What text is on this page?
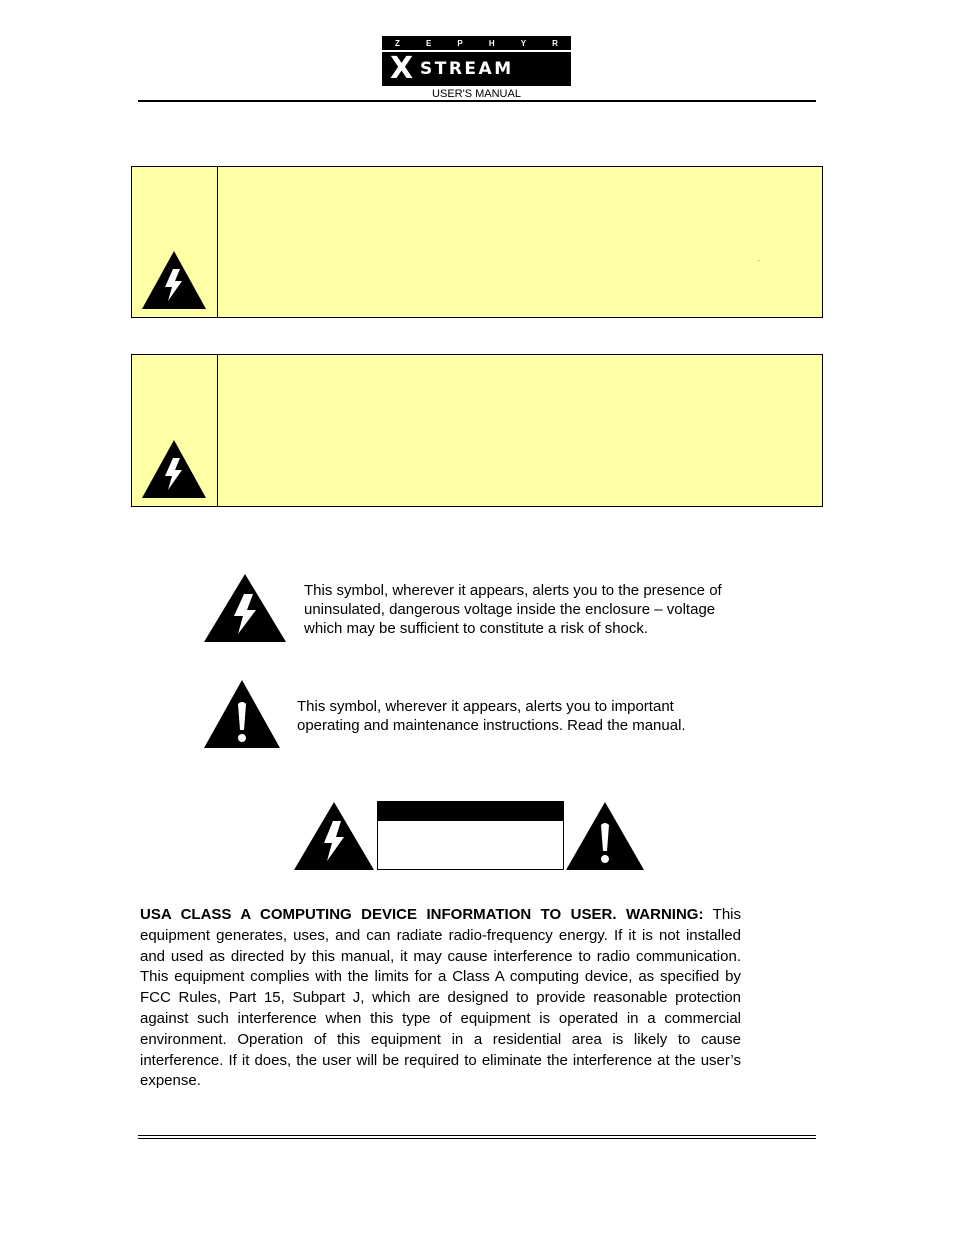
Z	E	P	H	Y	R
X STREAM
USER'S MANUAL
.
This symbol, wherever it appears, alerts you to the presence of uninsulated, dangerous voltage inside the enclosure – voltage which may be sufficient to constitute a risk of shock.
This symbol, wherever it appears, alerts you to important operating and maintenance instructions. Read the manual.
USA CLASS A COMPUTING DEVICE INFORMATION TO USER. WARNING: This equipment generates, uses, and can radiate radio-frequency energy. If it is not installed and used as directed by this manual, it may cause interference to radio communication. This equipment complies with the limits for a Class A computing device, as specified by FCC Rules, Part 15, Subpart J, which are designed to provide reasonable protection against such interference when this type of equipment is operated in a commercial environment. Operation of this equipment in a residential area is likely to cause interference. If it does, the user will be required to eliminate the interference at the user’s expense.
